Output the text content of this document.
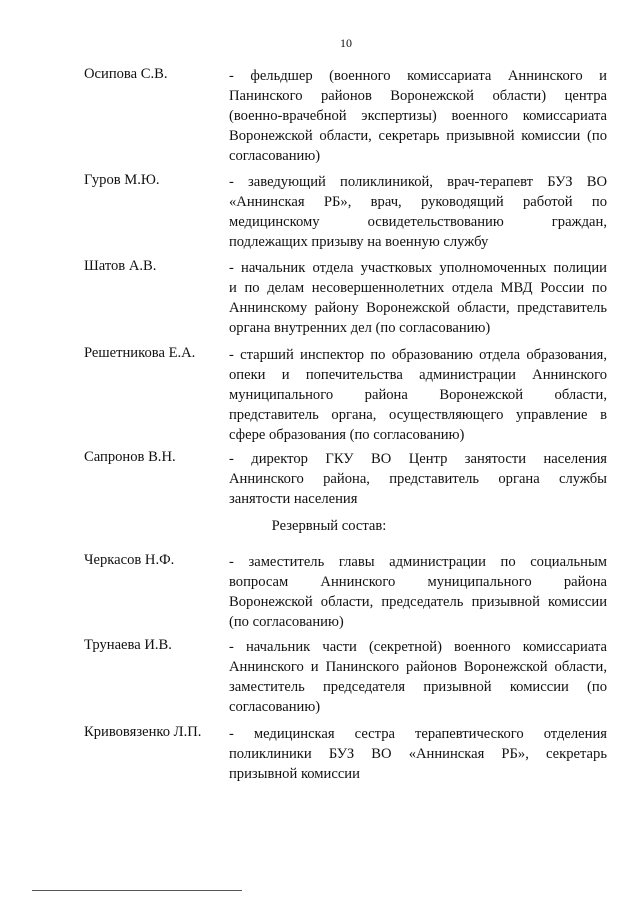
10
Осипова С.В.	- фельдшер (военного комиссариата Аннинского и
Панинского районов Воронежской области) центра
(военно-врачебной экспертизы) военного комиссариата
Воронежской области, секретарь призывной комиссии (по
согласованию)
Гуров М.Ю.	- заведующий поликлиникой, врач-терапевт БУЗ ВО
«Аннинская РБ», врач, руководящий работой по
медицинскому освидетельствованию граждан,
подлежащих призыву на военную службу
Шатов А.В.	- начальник отдела участковых уполномоченных полиции
и по делам несовершеннолетних отдела МВД России по
Аннинскому району Воронежской области, представитель
органа внутренних дел (по согласованию)
Решетникова Е.А. - старший инспектор по образованию отдела образования,
опеки и попечительства администрации Аннинского
муниципального района Воронежской области,
представитель органа, осуществляющего управление в
сфере образования (по согласованию)
Сапронов В.Н.	- директор ГКУ ВО Центр занятости населения
Аннинского района, представитель органа службы
занятости населения
Резервный состав:
Черкасов Н.Ф.	- заместитель главы администрации по социальным
вопросам Аннинского муниципального района
Воронежской области, председатель призывной комиссии
(по согласованию)
Трунаева И.В.	- начальник части (секретной) военного комиссариата
Аннинского и Панинского районов Воронежской области,
заместитель председателя призывной комиссии (по
согласованию)
Кривовязенко Л.П. - медицинская сестра терапевтического отделения
поликлиники БУЗ ВО «Аннинская РБ», секретарь
призывной комиссии
